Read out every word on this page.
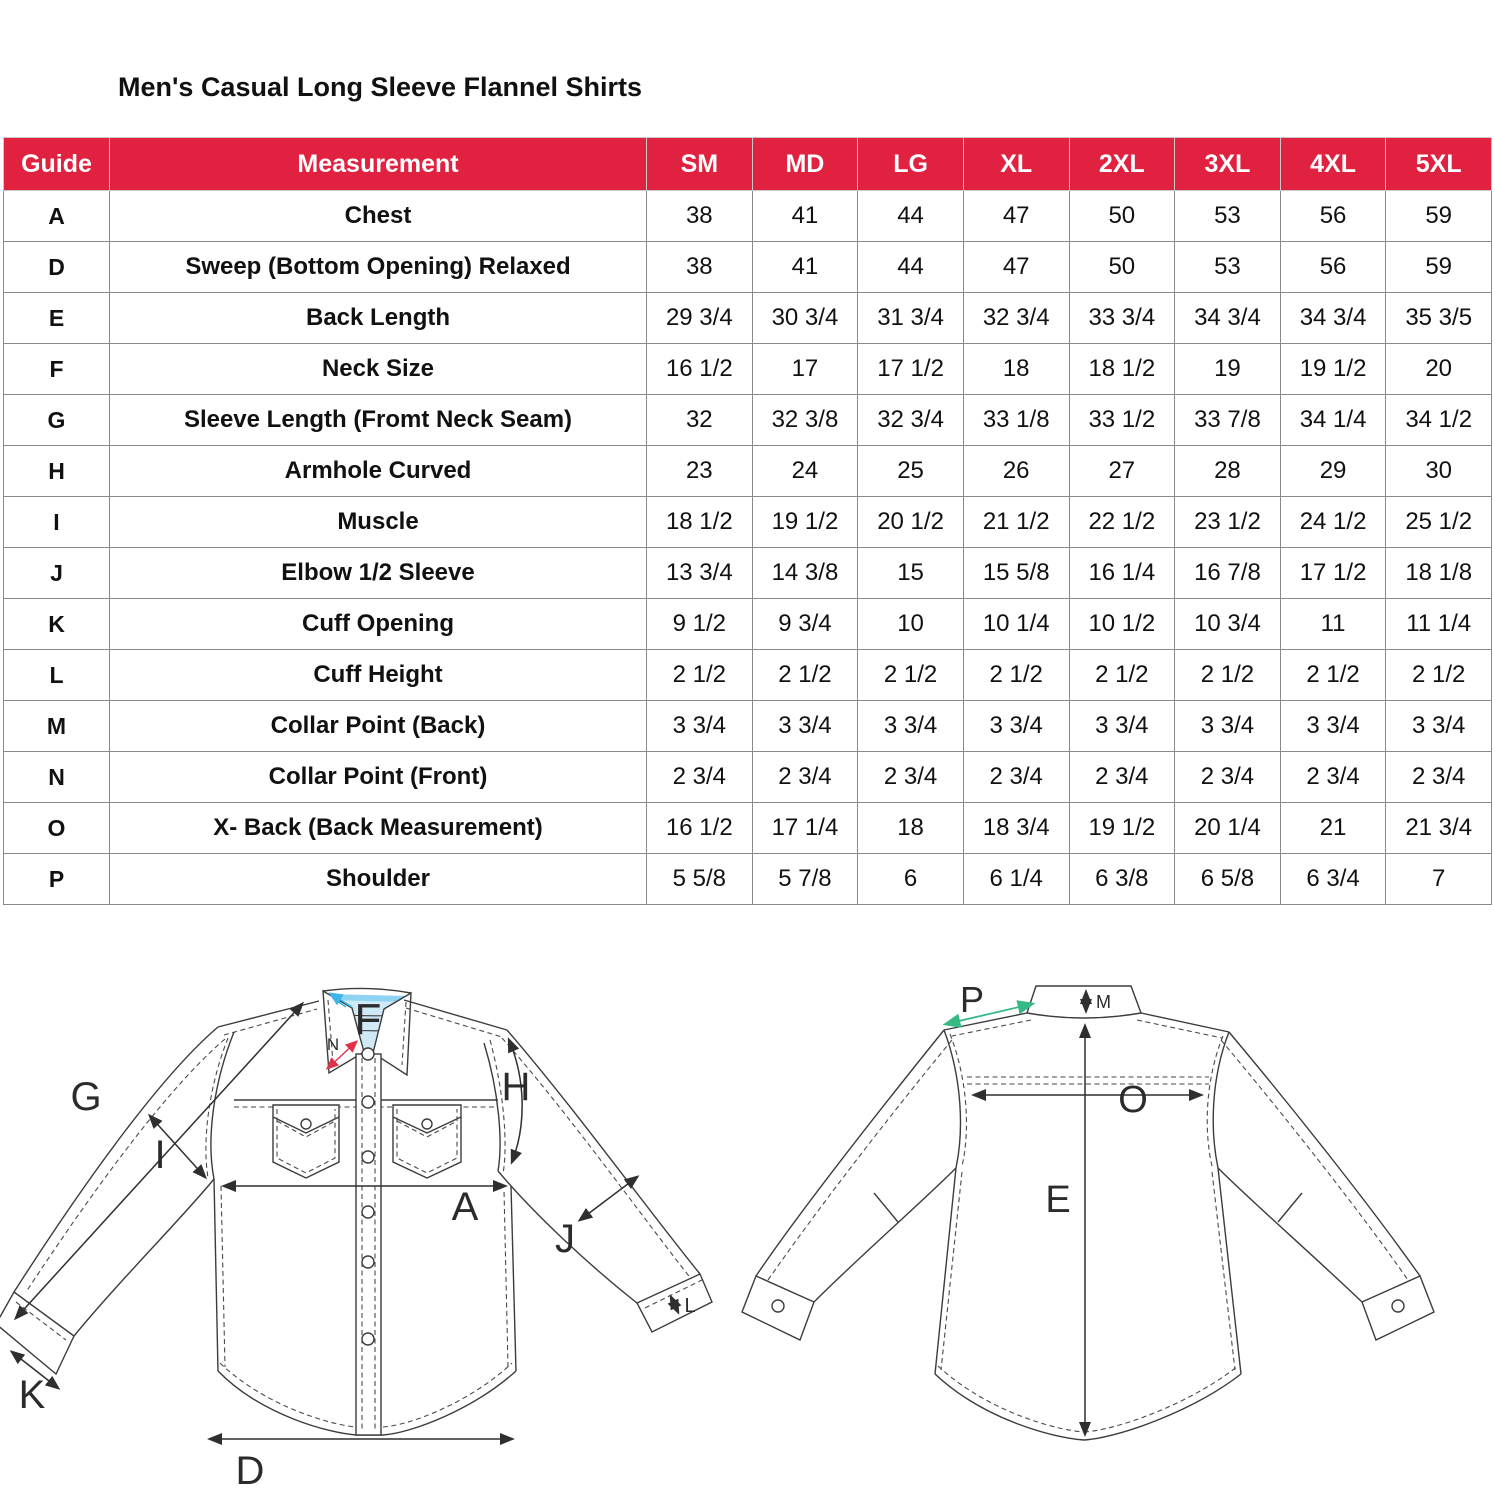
Men's Casual Long Sleeve Flannel Shirts
Guide	Measurement	SM	MD	LG	XL	2XL	3XL	4XL	5XL
A	Chest	38	41	44	47	50	53	56	59
D	Sweep (Bottom Opening) Relaxed	38	41	44	47	50	53	56	59
E	Back Length	29 3/4	30 3/4	31 3/4	32 3/4	33 3/4	34 3/4	34 3/4	35 3/5
F	Neck Size	16 1/2	17	17 1/2	18	18 1/2	19	19 1/2	20
G	Sleeve Length (Fromt Neck Seam)	32	32 3/8	32 3/4	33 1/8	33 1/2	33 7/8	34 1/4	34 1/2
H	Armhole Curved	23	24	25	26	27	28	29	30
I	Muscle	18 1/2	19 1/2	20 1/2	21 1/2	22 1/2	23 1/2	24 1/2	25 1/2
J	Elbow 1/2 Sleeve	13 3/4	14 3/8	15	15 5/8	16 1/4	16 7/8	17 1/2	18 1/8
K	Cuff Opening	9 1/2	9 3/4	10	10 1/4	10 1/2	10 3/4	11	11 1/4
L	Cuff Height	2 1/2	2 1/2	2 1/2	2 1/2	2 1/2	2 1/2	2 1/2	2 1/2
M	Collar Point (Back)	3 3/4	3 3/4	3 3/4	3 3/4	3 3/4	3 3/4	3 3/4	3 3/4
N	Collar Point (Front)	2 3/4	2 3/4	2 3/4	2 3/4	2 3/4	2 3/4	2 3/4	2 3/4
O	X- Back (Back Measurement)	16 1/2	17 1/4	18	18 3/4	19 1/2	20 1/4	21	21 3/4
P	Shoulder	5 5/8	5 7/8	6	6 1/4	6 3/8	6 5/8	6 3/4	7
G
I
F
N
H
A
J
L
K
D
P	M
O
E
